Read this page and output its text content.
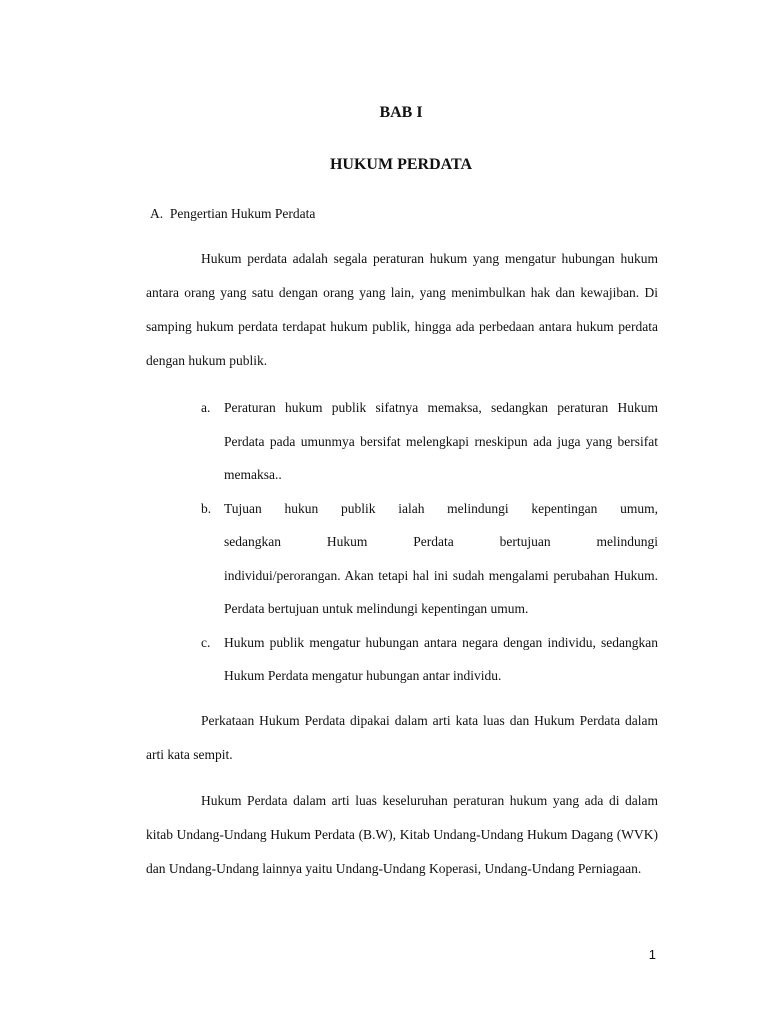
BAB I
HUKUM PERDATA
A.  Pengertian Hukum Perdata

Hukum perdata adalah segala peraturan hukum yang mengatur hubungan hukum antara orang yang satu dengan orang yang lain, yang menimbulkan hak dan kewajiban. Di samping hukum perdata terdapat hukum publik, hingga ada perbedaan antara hukum perdata dengan hukum publik.

a. Peraturan hukum publik sifatnya memaksa, sedangkan peraturan Hukum Perdata pada umunmya bersifat melengkapi rneskipun ada juga yang bersifat memaksa..
b. Tujuan hukun publik ialah melindungi kepentingan umum,
sedangkan Hukum Perdata bertujuan melindungi
individui/perorangan. Akan tetapi hal ini sudah mengalami perubahan Hukum. Perdata bertujuan untuk melindungi kepentingan umum.
c. Hukum publik mengatur hubungan antara negara dengan individu, sedangkan Hukum Perdata mengatur hubungan antar individu.

Perkataan Hukum Perdata dipakai dalam arti kata luas dan Hukum Perdata dalam arti kata sempit.

Hukum Perdata dalam arti luas keseluruhan peraturan hukum yang ada di dalam kitab Undang-Undang Hukum Perdata (B.W), Kitab Undang-Undang Hukum Dagang (WVK) dan Undang-Undang lainnya yaitu Undang-Undang Koperasi, Undang-Undang Perniagaan.

1
